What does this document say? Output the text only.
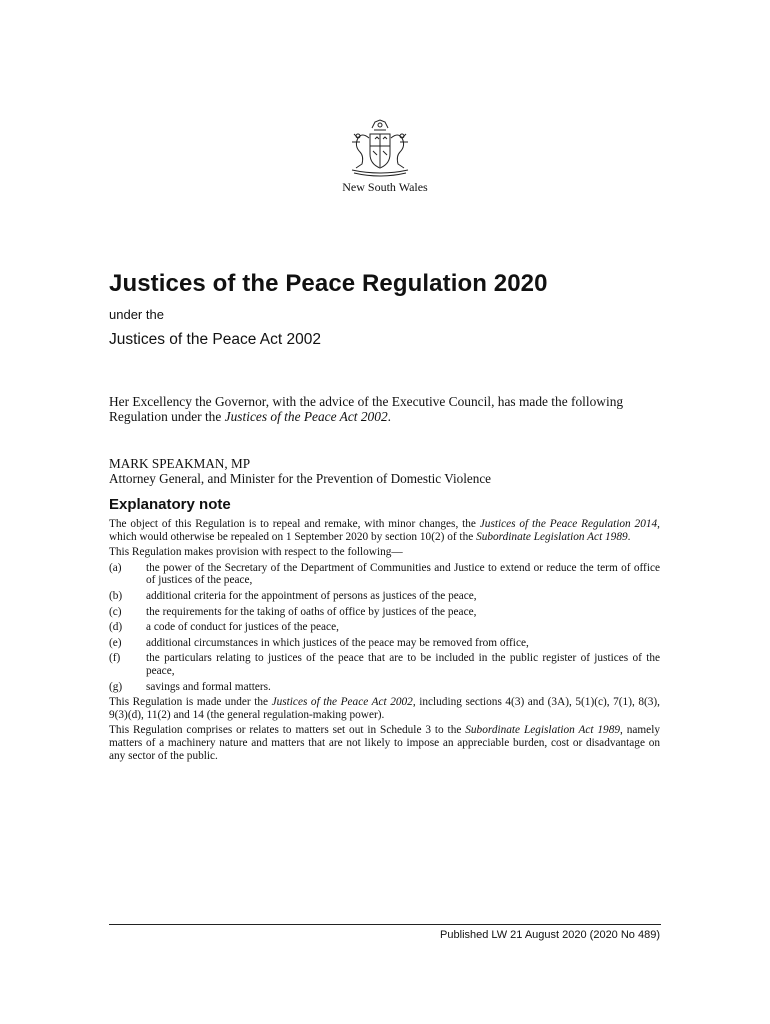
New South Wales
Justices of the Peace Regulation 2020
under the
Justices of the Peace Act 2002

Her Excellency the Governor, with the advice of the Executive Council, has made the following Regulation under the Justices of the Peace Act 2002.

MARK SPEAKMAN, MP
Attorney General, and Minister for the Prevention of Domestic Violence
Explanatory note

The object of this Regulation is to repeal and remake, with minor changes, the Justices of the Peace Regulation 2014, which would otherwise be repealed on 1 September 2020 by section 10(2) of the Subordinate Legislation Act 1989.

This Regulation makes provision with respect to the following—

(a)	the power of the Secretary of the Department of Communities and Justice to extend or reduce the term of office of justices of the peace,
(b)	additional criteria for the appointment of persons as justices of the peace,
(c)	the requirements for the taking of oaths of office by justices of the peace,
(d)	a code of conduct for justices of the peace,
(e)	additional circumstances in which justices of the peace may be removed from office,
(f)	the particulars relating to justices of the peace that are to be included in the public register of justices of the peace,
(g)	savings and formal matters.

This Regulation is made under the Justices of the Peace Act 2002, including sections 4(3) and (3A), 5(1)(c), 7(1), 8(3), 9(3)(d), 11(2) and 14 (the general regulation-making power).

This Regulation comprises or relates to matters set out in Schedule 3 to the Subordinate Legislation Act 1989, namely matters of a machinery nature and matters that are not likely to impose an appreciable burden, cost or disadvantage on any sector of the public.

Published LW 21 August 2020 (2020 No 489)
